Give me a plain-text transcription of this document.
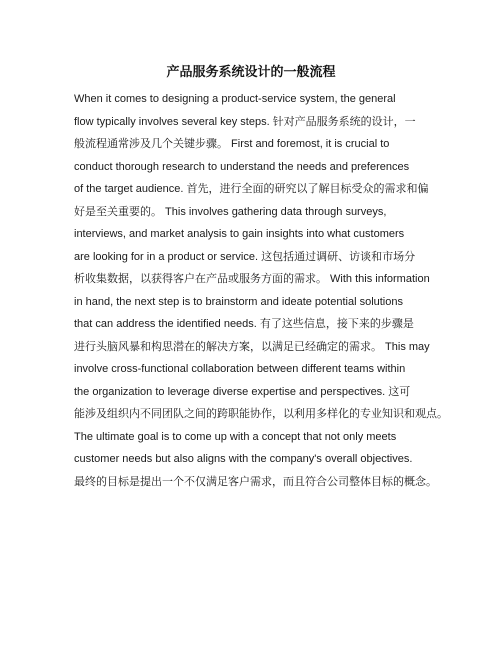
产品服务系统设计的一般流程
When it comes to designing a product-service system, the general
flow typically involves several key steps. 针对产品服务系统的设计，一
般流程通常涉及几个关键步骤。 First and foremost, it is crucial to
conduct thorough research to understand the needs and preferences
of the target audience. 首先，进行全面的研究以了解目标受众的需求和偏
好是至关重要的。 This involves gathering data through surveys,
interviews, and market analysis to gain insights into what customers
are looking for in a product or service. 这包括通过调研、访谈和市场分
析收集数据，以获得客户在产品或服务方面的需求。 With this information
in hand, the next step is to brainstorm and ideate potential solutions
that can address the identified needs. 有了这些信息，接下来的步骤是
进行头脑风暴和构思潜在的解决方案，以满足已经确定的需求。 This may
involve cross-functional collaboration between different teams within
the organization to leverage diverse expertise and perspectives. 这可
能涉及组织内不同团队之间的跨职能协作，以利用多样化的专业知识和观点。
The ultimate goal is to come up with a concept that not only meets
customer needs but also aligns with the company's overall objectives.
最终的目标是提出一个不仅满足客户需求，而且符合公司整体目标的概念。
